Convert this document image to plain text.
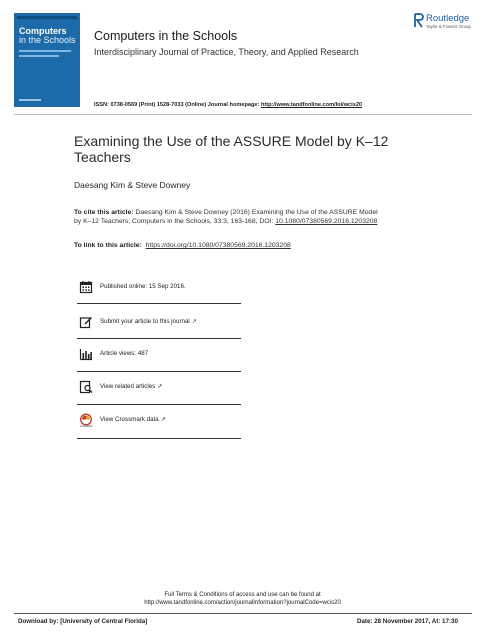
Computers
in the Schools Computers in the Schools
Interdisciplinary Journal of Practice, Theory, and Applied Research
ISSN: 0738-0569 (Print) 1528-7033 (Online) Journal homepage: http://www.tandfonline.com/loi/wcis20
Routledge
Taylor & Francis Group
Examining the Use of the ASSURE Model by K–12 Teachers
Daesang Kim & Steve Downey
To cite this article: Daesang Kim & Steve Downey (2016) Examining the Use of the ASSURE Model by K–12 Teachers, Computers in the Schools, 33:3, 163-168, DOI: 10.1080/07380569.2016.1203208
To link to this article: https://doi.org/10.1080/07380569.2016.1203208
Published online: 15 Sep 2016.
Submit your article to this journal ↗
Article views: 487
View related articles ↗
CrossMark
View Crossmark data ↗
Full Terms & Conditions of access and use can be found at
http://www.tandfonline.com/action/journalInformation?journalCode=wcis20
Download by: [University of Central Florida]	Date: 28 November 2017, At: 17:30
